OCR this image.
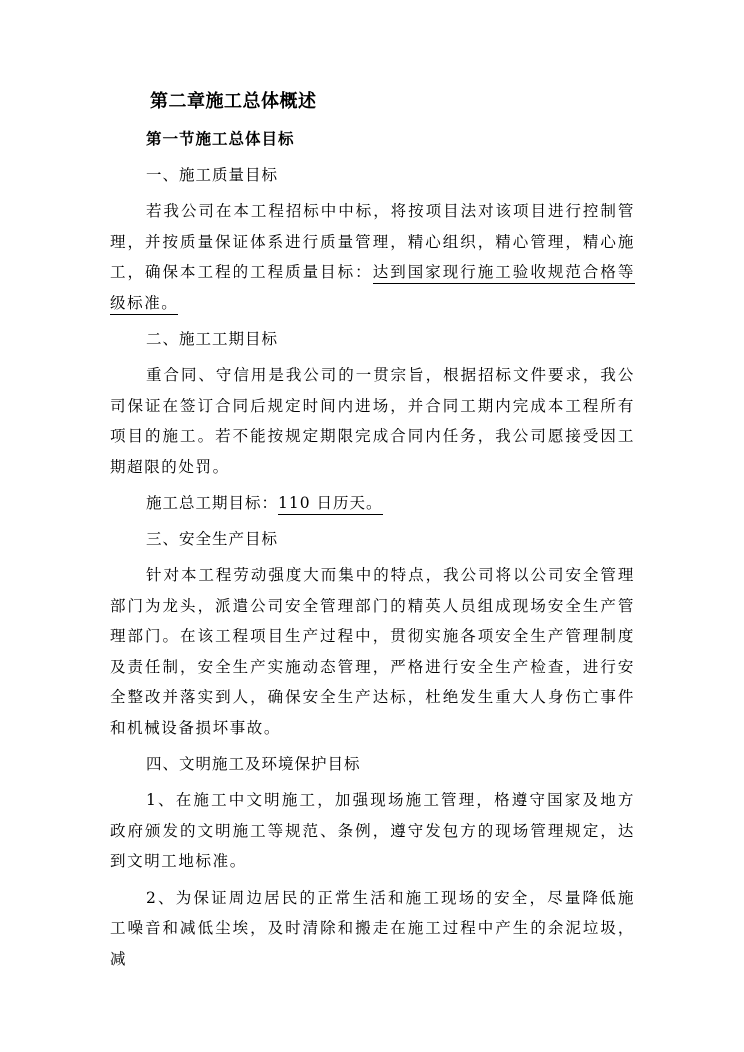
第二章施工总体概述
第一节施工总体目标
一、施工质量目标

若我公司在本工程招标中中标，将按项目法对该项目进行控制管理，并按质量保证体系进行质量管理，精心组织，精心管理，精心施工，确保本工程的工程质量目标：达到国家现行施工验收规范合格等级标准。

二、施工工期目标

重合同、守信用是我公司的一贯宗旨，根据招标文件要求，我公司保证在签订合同后规定时间内进场，并合同工期内完成本工程所有项目的施工。若不能按规定期限完成合同内任务，我公司愿接受因工期超限的处罚。

施工总工期目标：110 日历天。
三、安全生产目标

针对本工程劳动强度大而集中的特点，我公司将以公司安全管理部门为龙头，派遣公司安全管理部门的精英人员组成现场安全生产管理部门。在该工程项目生产过程中，贯彻实施各项安全生产管理制度及责任制，安全生产实施动态管理，严格进行安全生产检查，进行安全整改并落实到人，确保安全生产达标，杜绝发生重大人身伤亡事件和机械设备损坏事故。

四、文明施工及环境保护目标

1、在施工中文明施工，加强现场施工管理，格遵守国家及地方政府颁发的文明施工等规范、条例，遵守发包方的现场管理规定，达到文明工地标准。

2、为保证周边居民的正常生活和施工现场的安全，尽量降低施工噪音和减低尘埃，及时清除和搬走在施工过程中产生的余泥垃圾，减
